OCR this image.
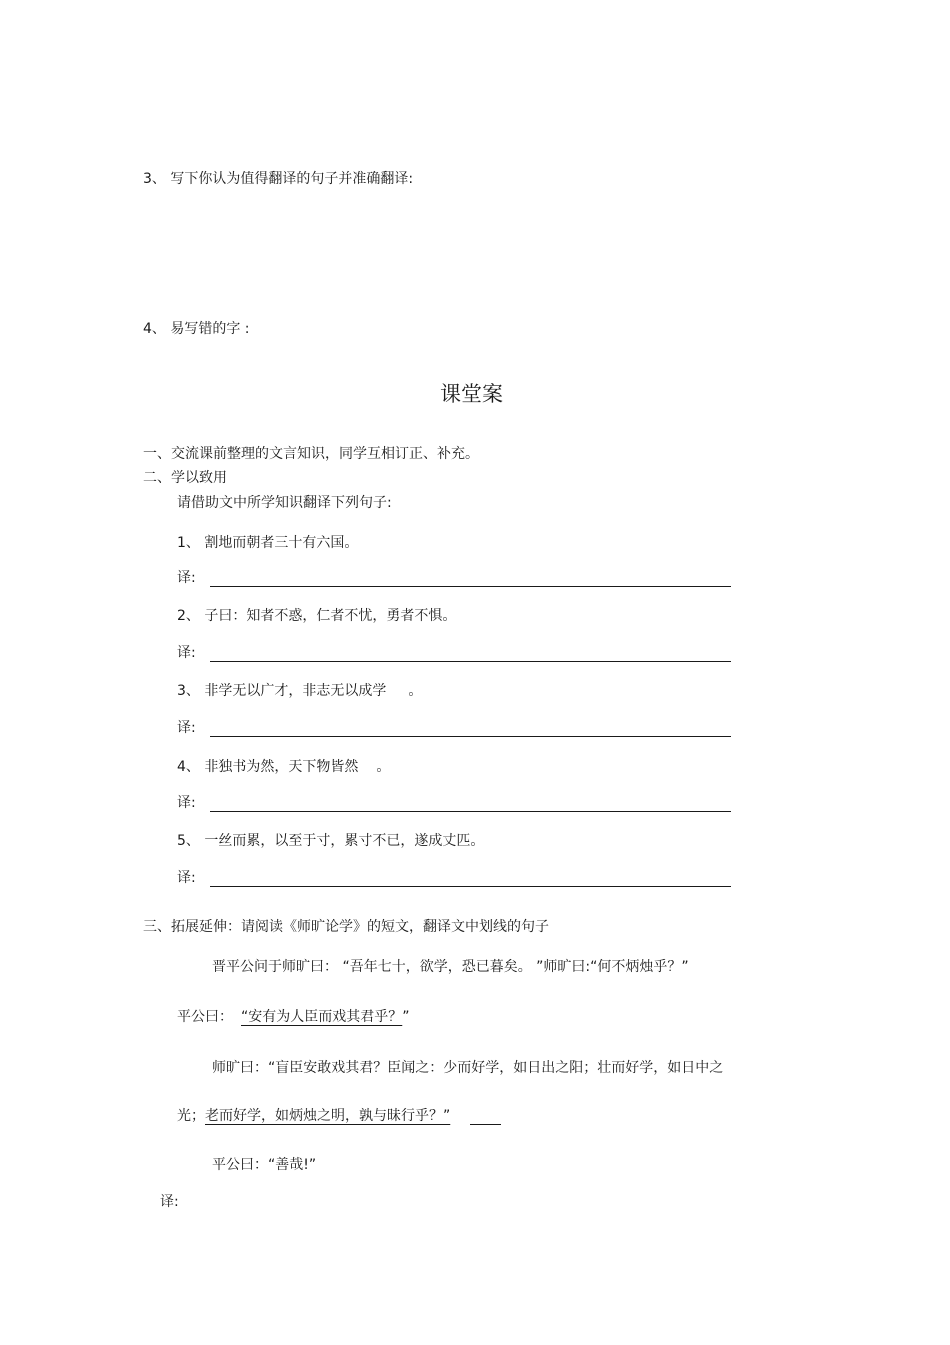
3、 写下你认为值得翻译的句子并准确翻译:
4、 易写错的字 :
课堂案
一、交流课前整理的文言知识，同学互相订正、补充。
二、学以致用
请借助文中所学知识翻译下列句子:
1、 割地而朝者三十有六国。
译:
2、 子曰：知者不惑，仁者不忧，勇者不惧。
译:
3、 非学无以广才，非志无以成学 。
译:
4、 非独书为然，天下物皆然 。
译:
5、 一丝而累，以至于寸，累寸不已，遂成丈匹。
译:
三、拓展延伸：请阅读《师旷论学》的短文，翻译文中划线的句子
晋平公问于师旷曰： “吾年七十，欲学，恐已暮矣。 ”师旷曰:“何不炳烛乎？”
平公曰： “安有为人臣而戏其君乎？”
师旷曰：“盲臣安敢戏其君？臣闻之：少而好学，如日出之阳；壮而好学，如日中之
光；老而好学，如炳烛之明，孰与昧行乎？”
平公曰：“善哉!”
译:
